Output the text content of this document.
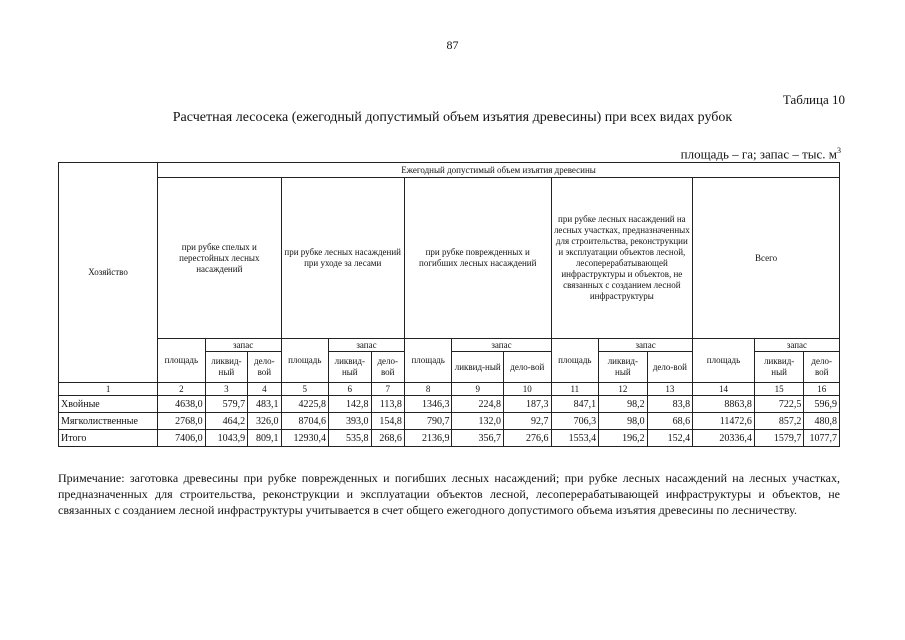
87
Таблица 10
Расчетная лесосека (ежегодный допустимый объем изъятия древесины) при всех видах рубок
площадь – га; запас – тыс. $м^3$
Хозяйство	Ежегодный допустимый объем изъятия древесины														
	при рубке спелых и перестойных лесных насаждений			при рубке лесных насаждений при уходе за лесами			при рубке поврежденных и погибших лесных насаждений			при рубке лесных насаждений на лесных участках, предназначенных для строительства, реконструкции и эксплуатации объектов лесной, лесоперерабатывающей инфраструктуры и объектов, не связанных с созданием лесной инфраструктуры			Всего		
	площадь	запас		площадь	запас		площадь	запас		площадь	запас		площадь	запас	
		ликвид-ный	дело-вой		ликвид-ный	дело-вой		ликвид-ный	дело-вой		ликвид-ный	дело-вой		ликвид-ный	дело-вой
1	2	3	4	5	6	7	8	9	10	11	12	13	14	15	16
Хвойные	4638,0	579,7	483,1	4225,8	142,8	113,8	1346,3	224,8	187,3	847,1	98,2	83,8	8863,8	722,5	596,9
Мягколиственные	2768,0	464,2	326,0	8704,6	393,0	154,8	790,7	132,0	92,7	706,3	98,0	68,6	11472,6	857,2	480,8
Итого	7406,0	1043,9	809,1	12930,4	535,8	268,6	2136,9	356,7	276,6	1553,4	196,2	152,4	20336,4	1579,7	1077,7
Примечание: заготовка древесины при рубке поврежденных и погибших лесных насаждений; при рубке лесных насаждений на лесных участках, предназначенных для строительства, реконструкции и эксплуатации объектов лесной, лесоперерабатывающей инфраструктуры и объектов, не связанных с созданием лесной инфраструктуры учитывается в счет общего ежегодного допустимого объема изъятия древесины по лесничеству.
